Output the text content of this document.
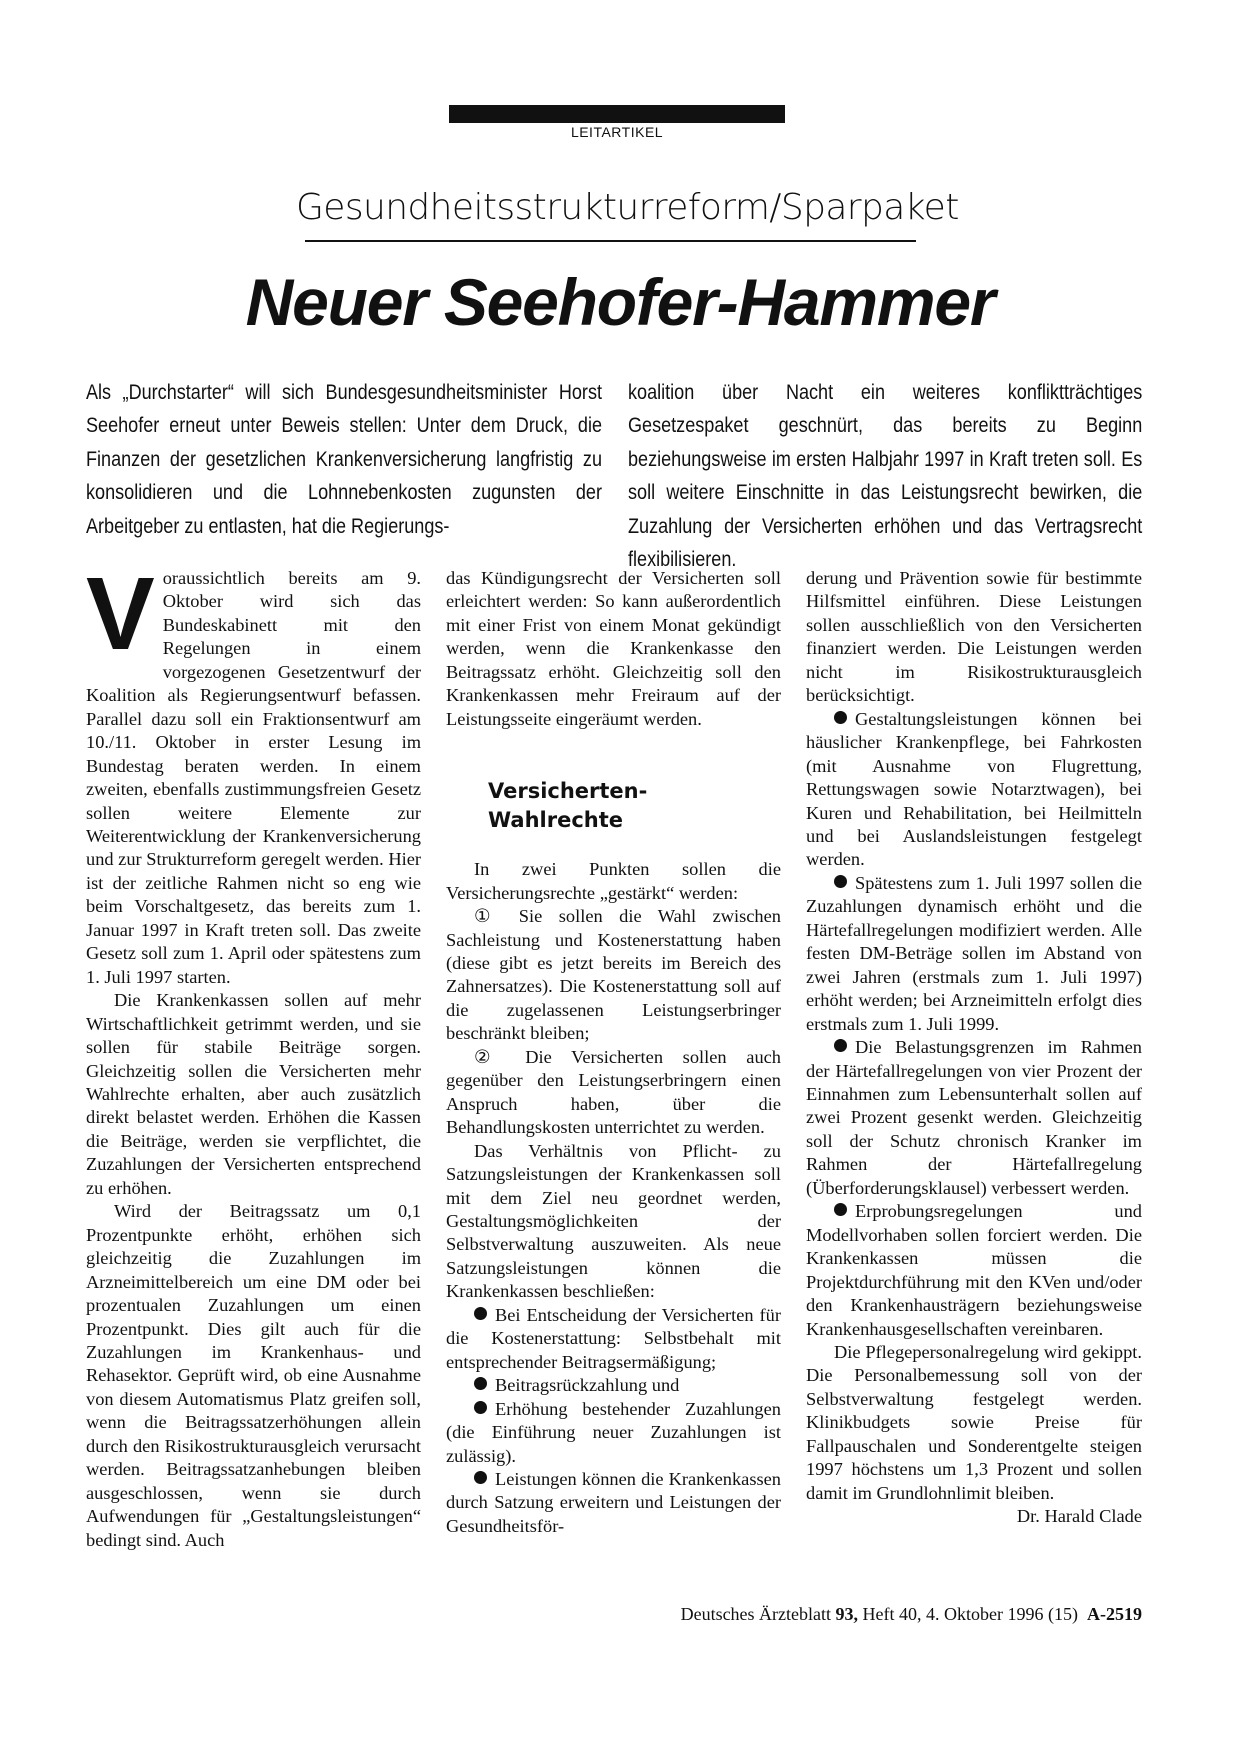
LEITARTIKEL
Gesundheitsstrukturreform/Sparpaket
Neuer Seehofer-Hammer
Als „Durchstarter“ will sich Bundesgesundheitsminister Horst Seehofer erneut unter Beweis stellen: Unter dem Druck, die Finanzen der gesetzlichen Krankenversicherung langfristig zu konsolidieren und die Lohnnebenkosten zugunsten der Arbeitgeber zu entlasten, hat die Regierungs-
koalition über Nacht ein weiteres konfliktträchtiges Gesetzespaket geschnürt, das bereits zu Beginn beziehungsweise im ersten Halbjahr 1997 in Kraft treten soll. Es soll weitere Einschnitte in das Leistungsrecht bewirken, die Zuzahlung der Versicherten erhöhen und das Vertragsrecht flexibilisieren.

Voraussichtlich bereits am 9. Oktober wird sich das Bundeskabinett mit den Regelungen in einem vorgezogenen Gesetzentwurf der Koalition als Regierungsentwurf befassen. Parallel dazu soll ein Fraktionsentwurf am 10./11. Oktober in erster Lesung im Bundestag beraten werden. In einem zweiten, ebenfalls zustimmungsfreien Gesetz sollen weitere Elemente zur Weiterentwicklung der Krankenversicherung und zur Strukturreform geregelt werden. Hier ist der zeitliche Rahmen nicht so eng wie beim Vorschaltgesetz, das bereits zum 1. Januar 1997 in Kraft treten soll. Das zweite Gesetz soll zum 1. April oder spätestens zum 1. Juli 1997 starten.

Die Krankenkassen sollen auf mehr Wirtschaftlichkeit getrimmt werden, und sie sollen für stabile Beiträge sorgen. Gleichzeitig sollen die Versicherten mehr Wahlrechte erhalten, aber auch zusätzlich direkt belastet werden. Erhöhen die Kassen die Beiträge, werden sie verpflichtet, die Zuzahlungen der Versicherten entsprechend zu erhöhen.

Wird der Beitragssatz um 0,1 Prozentpunkte erhöht, erhöhen sich gleichzeitig die Zuzahlungen im Arzneimittelbereich um eine DM oder bei prozentualen Zuzahlungen um einen Prozentpunkt. Dies gilt auch für die Zuzahlungen im Krankenhaus- und Rehasektor. Geprüft wird, ob eine Ausnahme von diesem Automatismus Platz greifen soll, wenn die Beitragssatzerhöhungen allein durch den Risikostrukturausgleich verursacht werden. Beitragssatzanhebungen bleiben ausgeschlossen, wenn sie durch Aufwendungen für „Gestaltungsleistungen“ bedingt sind. Auch

das Kündigungsrecht der Versicherten soll erleichtert werden: So kann außerordentlich mit einer Frist von einem Monat gekündigt werden, wenn die Krankenkasse den Beitragssatz erhöht. Gleichzeitig soll den Krankenkassen mehr Freiraum auf der Leistungsseite eingeräumt werden.

Versicherten-
Wahlrechte

In zwei Punkten sollen die Versicherungsrechte „gestärkt“ werden:

① Sie sollen die Wahl zwischen Sachleistung und Kostenerstattung haben (diese gibt es jetzt bereits im Bereich des Zahnersatzes). Die Kostenerstattung soll auf die zugelassenen Leistungserbringer beschränkt bleiben;

② Die Versicherten sollen auch gegenüber den Leistungserbringern einen Anspruch haben, über die Behandlungskosten unterrichtet zu werden.

Das Verhältnis von Pflicht- zu Satzungsleistungen der Krankenkassen soll mit dem Ziel neu geordnet werden, Gestaltungsmöglichkeiten der Selbstverwaltung auszuweiten. Als neue Satzungsleistungen können die Krankenkassen beschließen:

Bei Entscheidung der Versicherten für die Kostenerstattung: Selbstbehalt mit entsprechender Beitragsermäßigung;

Beitragsrückzahlung und

Erhöhung bestehender Zuzahlungen (die Einführung neuer Zuzahlungen ist zulässig).

Leistungen können die Krankenkassen durch Satzung erweitern und Leistungen der Gesundheitsför-

derung und Prävention sowie für bestimmte Hilfsmittel einführen. Diese Leistungen sollen ausschließlich von den Versicherten finanziert werden. Die Leistungen werden nicht im Risikostrukturausgleich berücksichtigt.

Gestaltungsleistungen können bei häuslicher Krankenpflege, bei Fahrkosten (mit Ausnahme von Flugrettung, Rettungswagen sowie Notarztwagen), bei Kuren und Rehabilitation, bei Heilmitteln und bei Auslandsleistungen festgelegt werden.

Spätestens zum 1. Juli 1997 sollen die Zuzahlungen dynamisch erhöht und die Härtefallregelungen modifiziert werden. Alle festen DM-Beträge sollen im Abstand von zwei Jahren (erstmals zum 1. Juli 1997) erhöht werden; bei Arzneimitteln erfolgt dies erstmals zum 1. Juli 1999.

Die Belastungsgrenzen im Rahmen der Härtefallregelungen von vier Prozent der Einnahmen zum Lebensunterhalt sollen auf zwei Prozent gesenkt werden. Gleichzeitig soll der Schutz chronisch Kranker im Rahmen der Härtefallregelung (Überforderungsklausel) verbessert werden.

Erprobungsregelungen und Modellvorhaben sollen forciert werden. Die Krankenkassen müssen die Projektdurchführung mit den KVen und/oder den Krankenhausträgern beziehungsweise Krankenhausgesellschaften vereinbaren.

Die Pflegepersonalregelung wird gekippt. Die Personalbemessung soll von der Selbstverwaltung festgelegt werden. Klinikbudgets sowie Preise für Fallpauschalen und Sonderentgelte steigen 1997 höchstens um 1,3 Prozent und sollen damit im Grundlohnlimit bleiben.
Dr. Harald Clade

Deutsches Ärzteblatt 93, Heft 40, 4. Oktober 1996 (15) A-2519
